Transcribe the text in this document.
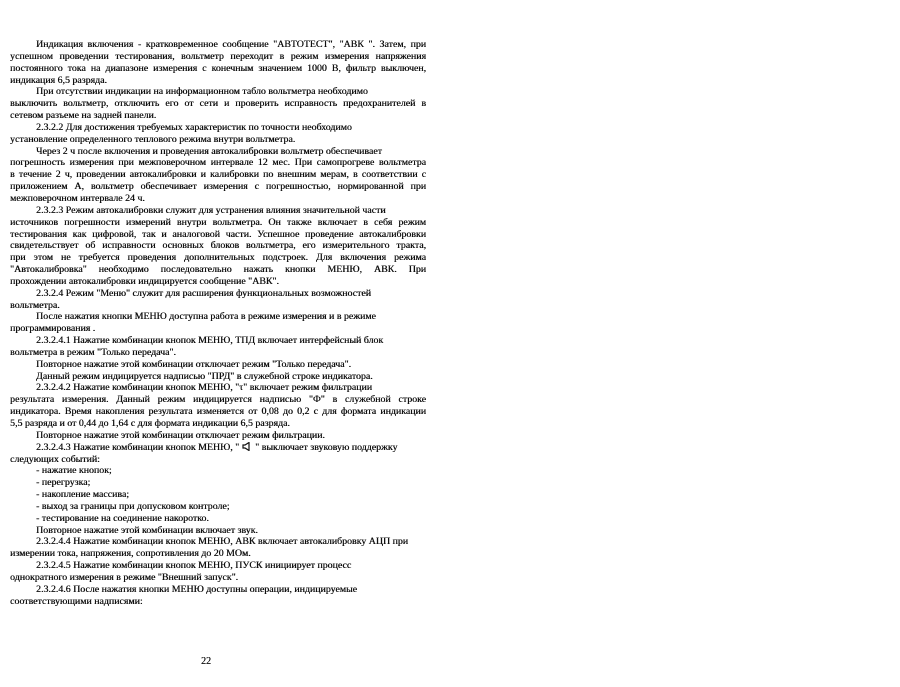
Индикация включения - кратковременное сообщение "АВТОТЕСТ", "АВК ". Затем, при
успешном проведении тестирования, вольтметр переходит в режим измерения напряжения
постоянного тока на диапазоне измерения с конечным значением 1000 В, фильтр выключен,
индикация 6,5 разряда.
При отсутствии индикации на информационном табло вольтметра необходимо
выключить вольтметр, отключить его от сети и проверить исправность предохранителей в
сетевом разъеме на задней панели.
2.3.2.2 Для достижения требуемых характеристик по точности необходимо
установление определенного теплового режима внутри вольтметра.
Через 2 ч после включения и проведения автокалибровки вольтметр обеспечивает
погрешность измерения при межповерочном интервале 12 мес. При самопрогреве вольтметра
в течение 2 ч, проведении автокалибровки и калибровки по внешним мерам, в соответствии с
приложением А, вольтметр обеспечивает измерения с погрешностью, нормированной при
межповерочном интервале 24 ч.
2.3.2.3 Режим автокалибровки служит для устранения влияния значительной части
источников погрешности измерений внутри вольтметра. Он также включает в себя режим
тестирования как цифровой, так и аналоговой части. Успешное проведение автокалибровки
свидетельствует об исправности основных блоков вольтметра, его измерительного тракта,
при этом не требуется проведения дополнительных подстроек. Для включения режима
"Автокалибровка" необходимо последовательно нажать кнопки МЕНЮ, АВК. При
прохождении автокалибровки индицируется сообщение "АВК".
2.3.2.4 Режим "Меню" служит для расширения функциональных возможностей
вольтметра.
После нажатия кнопки МЕНЮ доступна работа в режиме измерения и в режиме
программирования .
2.3.2.4.1 Нажатие комбинации кнопок МЕНЮ, ТПД включает интерфейсный блок
вольтметра в режим "Только передача".
Повторное нажатие этой комбинации отключает режим "Только передача".
Данный режим индицируется надписью "ПРД" в служебной строке индикатора.
2.3.2.4.2 Нажатие комбинации кнопок МЕНЮ, "τ" включает режим фильтрации
результата измерения. Данный режим индицируется надписью "Ф" в служебной строке
индикатора. Время накопления результата изменяется от 0,08 до 0,2 с для формата индикации
5,5 разряда и от 0,44 до 1,64 с для формата индикации 6,5 разряда.
Повторное нажатие этой комбинации отключает режим фильтрации.
2.3.2.4.3 Нажатие комбинации кнопок МЕНЮ, " " выключает звуковую поддержку
следующих событий:
- нажатие кнопок;
- перегрузка;
- накопление массива;
- выход за границы при допусковом контроле;
- тестирование на соединение накоротко.
Повторное нажатие этой комбинации включает звук.
2.3.2.4.4 Нажатие комбинации кнопок МЕНЮ, АВК включает автокалибровку АЦП при
измерении тока, напряжения, сопротивления до 20 МОм.
2.3.2.4.5 Нажатие комбинации кнопок МЕНЮ, ПУСК инициирует процесс
однократного измерения в режиме "Внешний запуск".
2.3.2.4.6 После нажатия кнопки МЕНЮ доступны операции, индицируемые
соответствующими надписями:
22
